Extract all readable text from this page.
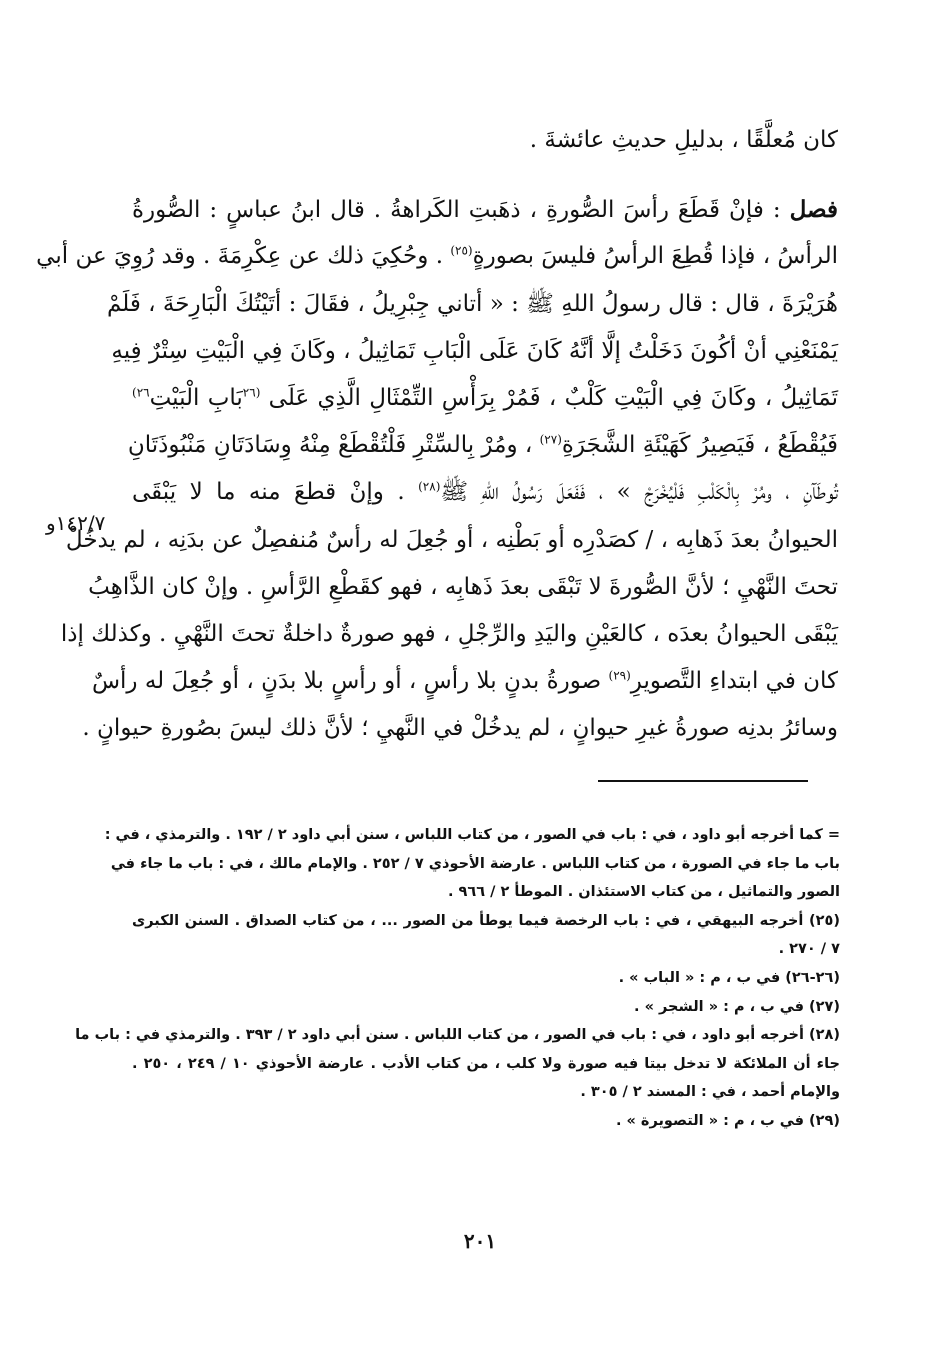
كان مُعلَّقًا ، بدليلِ حديثِ عائشةَ .
فصل : فإنْ قَطَعَ رأسَ الصُّورةِ ، ذهَبتِ الكَراهةُ . قال ابنُ عباسٍ : الصُّورةُ
الرأسُ ، فإذا قُطِعَ الرأسُ فليسَ بصورةٍ$^{(٢٥)}$ . وحُكِيَ ذلك عن عِكْرِمَةَ . وقد رُوِيَ عن أبي
هُرَيْرَةَ ، قال : قال رسولُ اللهِ ﷺ : « أتاني جِبْرِيلُ ، فقَالَ : أتَيْتُكَ الْبَارِحَةَ ، فَلَمْ
يَمْنَعْنِي أنْ أكُونَ دَخَلْتُ إلَّا أنَّهُ كَانَ عَلَى الْبَابِ تَمَاثِيلُ ، وكَانَ فِي الْبَيْتِ سِتْرٌ فِيهِ
تَمَاثِيلُ ، وكَانَ فِي الْبَيْتِ كَلْبٌ ، فَمُرْ بِرَأْسِ التِّمْثَالِ الَّذِي عَلَى $^{(٢٦}$بَابِ الْبَيْتِ$^{٢٦)}$
فَيُقْطَعُ ، فَيَصِيرُ كَهَيْئَةِ الشَّجَرَةِ$^{(٢٧)}$ ، ومُرْ بِالسِّتْرِ فَلْتُقْطَعْ مِنْهُ وِسَادَتَانِ مَنْبُوذَتَانِ
تُوطَآنِ ، ومُرْ بِالْكَلْبِ فَلْيُخْرَجْ » ، فَفَعَلَ رَسُولُ اللهِ ﷺ$^{(٢٨)}$ . وإنْ قطعَ منه ما لا يَبْقَى
الحيوانُ بعدَ ذَهابِه ، / كصَدْرِه أو بَطْنِه ، أو جُعِلَ له رأسٌ مُنفصِلٌ عن بدَنِه ، لم يدخُلْ
تحتَ النَّهْيِ ؛ لأنَّ الصُّورةَ لا تَبْقَى بعدَ ذَهابِه ، فهو كقَطْعِ الرَّأسِ . وإنْ كان الذَّاهِبُ
يَبْقَى الحيوانُ بعدَه ، كالعَيْنِ واليَدِ والرِّجْلِ ، فهو صورةٌ داخلةٌ تحتَ النَّهْيِ . وكذلك إذا
كان في ابتداءِ التَّصويرِ$^{(٢٩)}$ صورةُ بدنٍ بلا رأسٍ ، أو رأسٍ بلا بدَنٍ ، أو جُعِلَ له رأسٌ
وسائرُ بدنِه صورةُ غيرِ حيوانٍ ، لم يدخُلْ في النَّهيِ ؛ لأنَّ ذلك ليسَ بصُورةِ حيوانٍ .
١٤٢/٧و
= كما أخرجه أبو داود ، في : باب في الصور ، من كتاب اللباس ، سنن أبي داود ٢ / ١٩٢ . والترمذي ، في :
باب ما جاء في الصورة ، من كتاب اللباس . عارضة الأحوذي ٧ / ٢٥٢ . والإمام مالك ، في : باب ما جاء في
الصور والتماثيل ، من كتاب الاستئذان . الموطأ ٢ / ٩٦٦ .
(٢٥) أخرجه البيهقي ، في : باب الرخصة فيما يوطأ من الصور ... ، من كتاب الصداق . السنن الكبرى
٧ / ٢٧٠ .
(٢٦-٢٦) في ب ، م : « الباب » .
(٢٧) في ب ، م : « الشجر » .
(٢٨) أخرجه أبو داود ، في : باب في الصور ، من كتاب اللباس . سنن أبي داود ٢ / ٣٩٣ . والترمذي في : باب ما
جاء أن الملائكة لا تدخل بيتا فيه صورة ولا كلب ، من كتاب الأدب . عارضة الأحوذي ١٠ / ٢٤٩ ، ٢٥٠ .
والإمام أحمد ، في : المسند ٢ / ٣٠٥ .
(٢٩) في ب ، م : « التصويرة » .
٢٠١
